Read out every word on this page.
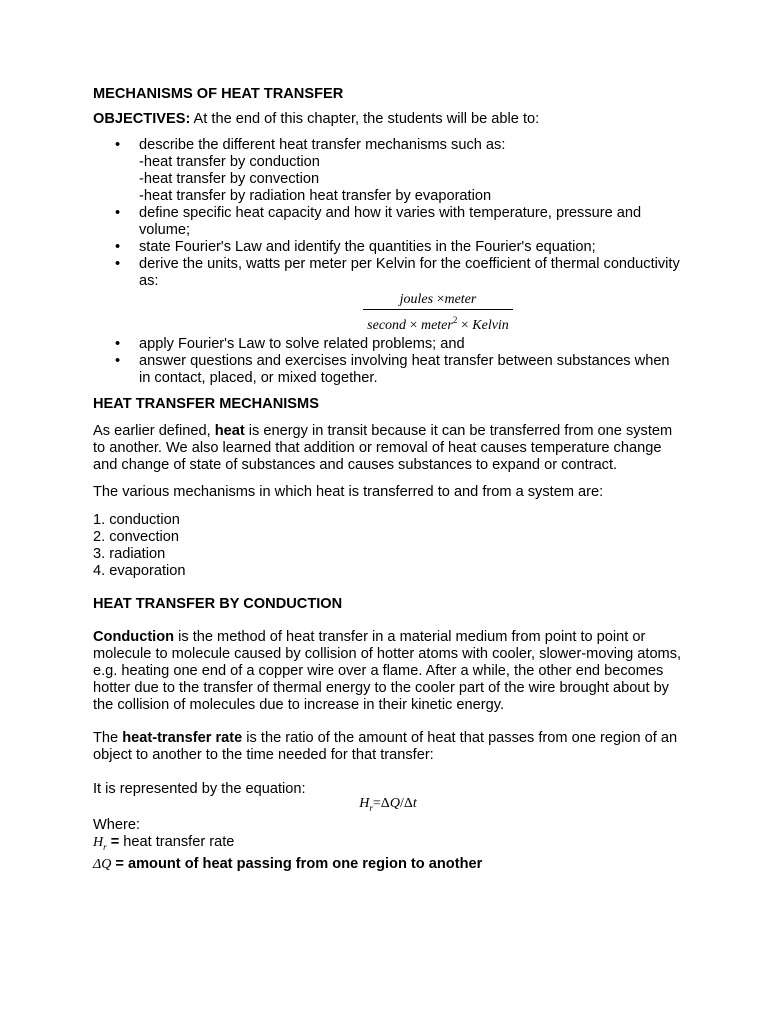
MECHANISMS OF HEAT TRANSFER

OBJECTIVES: At the end of this chapter, the students will be able to:

• describe the different heat transfer mechanisms such as:
-heat transfer by conduction
-heat transfer by convection
-heat transfer by radiation heat transfer by evaporation
• define specific heat capacity and how it varies with temperature, pressure and volume;
• state Fourier's Law and identify the quantities in the Fourier's equation;
• derive the units, watts per meter per Kelvin for the coefficient of thermal conductivity as:
$\frac{\text{joules ×meter}}{second \times meter^2 \times Kelvin}$
• apply Fourier's Law to solve related problems; and
• answer questions and exercises involving heat transfer between substances when in contact, placed, or mixed together.
HEAT TRANSFER MECHANISMS

As earlier defined, heat is energy in transit because it can be transferred from one system to another. We also learned that addition or removal of heat causes temperature change and change of state of substances and causes substances to expand or contract.

The various mechanisms in which heat is transferred to and from a system are:

1. conduction
2. convection
3. radiation
4. evaporation
HEAT TRANSFER BY CONDUCTION

Conduction is the method of heat transfer in a material medium from point to point or molecule to molecule caused by collision of hotter atoms with cooler, slower-moving atoms, e.g. heating one end of a copper wire over a flame. After a while, the other end becomes hotter due to the transfer of thermal energy to the cooler part of the wire brought about by the collision of molecules due to increase in their kinetic energy.

The heat-transfer rate is the ratio of the amount of heat that passes from one region of an object to another to the time needed for that transfer:

It is represented by the equation:

$H_r=\Delta Q/\Delta t$

Where:

$H_r$ = heat transfer rate

ΔQ = amount of heat passing from one region to another
